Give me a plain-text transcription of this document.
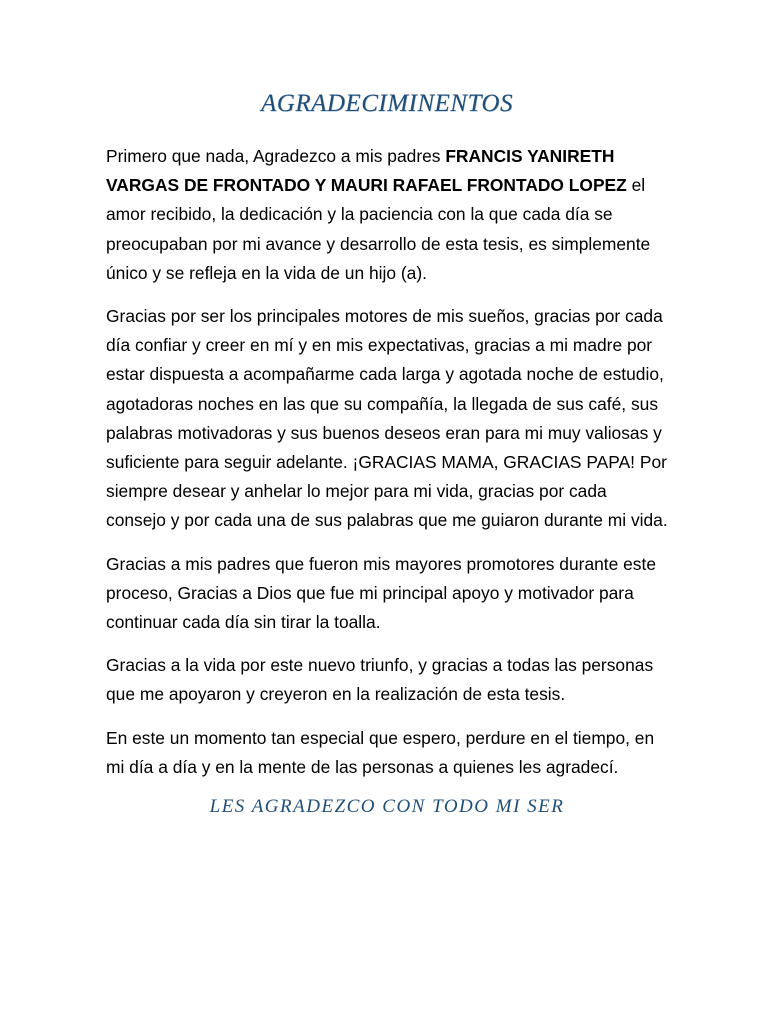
AGRADECIMINENTOS

Primero que nada, Agradezco a mis padres FRANCIS YANIRETH VARGAS DE FRONTADO Y MAURI RAFAEL FRONTADO LOPEZ el amor recibido, la dedicación y la paciencia con la que cada día se preocupaban por mi avance y desarrollo de esta tesis, es simplemente único y se refleja en la vida de un hijo (a).

Gracias por ser los principales motores de mis sueños, gracias por cada día confiar y creer en mí y en mis expectativas, gracias a mi madre por estar dispuesta a acompañarme cada larga y agotada noche de estudio, agotadoras noches en las que su compañía, la llegada de sus café, sus palabras motivadoras y sus buenos deseos eran para mi muy valiosas y suficiente para seguir adelante. ¡GRACIAS MAMA, GRACIAS PAPA! Por siempre desear y anhelar lo mejor para mi vida, gracias por cada consejo y por cada una de sus palabras que me guiaron durante mi vida.

Gracias a mis padres que fueron mis mayores promotores durante este proceso, Gracias a Dios que fue mi principal apoyo y motivador para continuar cada día sin tirar la toalla.

Gracias a la vida por este nuevo triunfo, y gracias a todas las personas que me apoyaron y creyeron en la realización de esta tesis.

En este un momento tan especial que espero, perdure en el tiempo, en mi día a día y en la mente de las personas a quienes les agradecí.

LES AGRADEZCO CON TODO MI SER
